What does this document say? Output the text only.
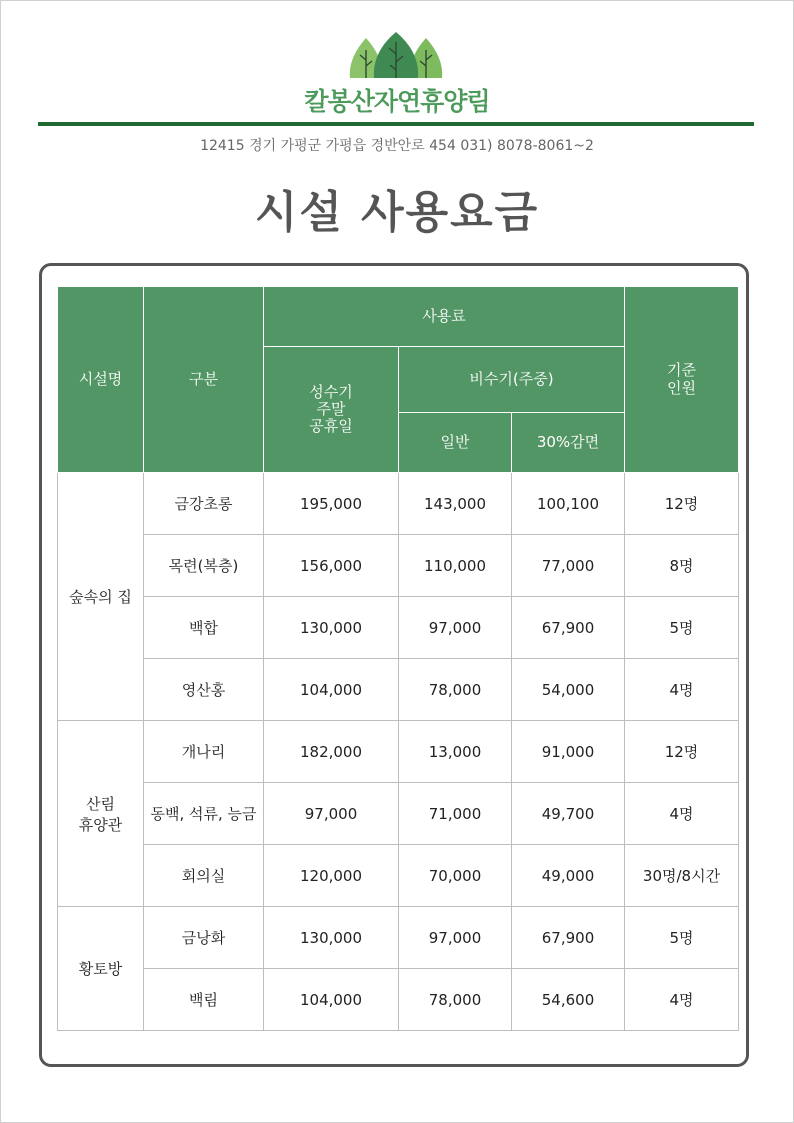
칼봉산자연휴양림
12415 경기 가평군 가평읍 경반안로 454 031) 8078-8061~2
시설 사용요금
시설명	구분	사용료			기준
인원

		성수기
주말
공휴일	비수기(주중)		
			일반	30%감면	

숲속의 집	금강초롱	195,000	143,000	100,100	12명
	목련(복층)	156,000	110,000	77,000	8명
	백합	130,000	97,000	67,900	5명
	영산홍	104,000	78,000	54,000	4명

산림
휴양관	개나리	182,000	13,000	91,000	12명
	동백, 석류, 능금	97,000	71,000	49,700	4명
	회의실	120,000	70,000	49,000	30명/8시간

황토방	금낭화	130,000	97,000	67,900	5명
	백림	104,000	78,000	54,600	4명
